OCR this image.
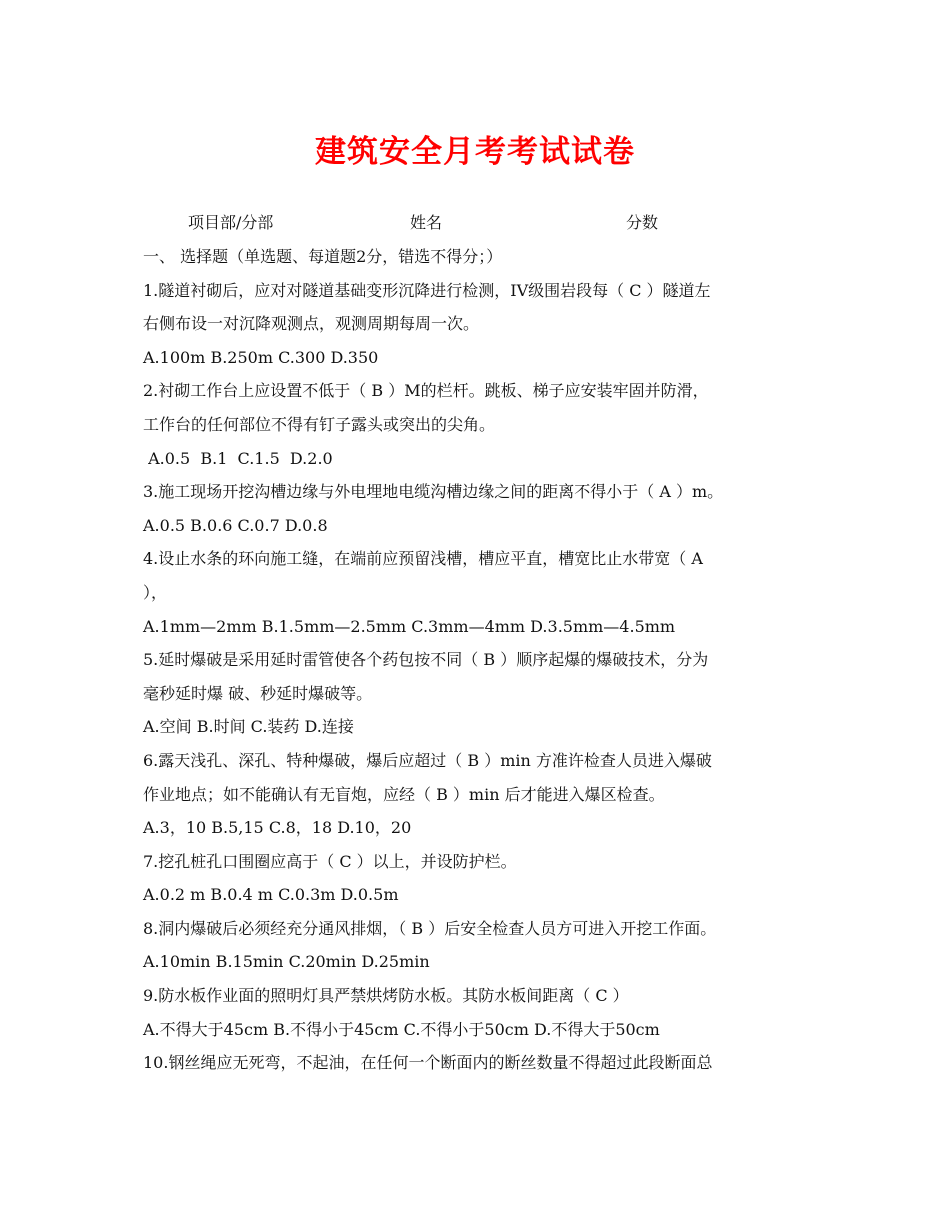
建筑安全月考考试试卷
项目部/分部	姓名	分数
一、 选择题（单选题、每道题2分，错选不得分；）
1.隧道衬砌后，应对对隧道基础变形沉降进行检测，IV级围岩段每（ C ）隧道左
右侧布设一对沉降观测点，观测周期每周一次。
A.100m B.250m C.300 D.350
2.衬砌工作台上应设置不低于（ B ）M的栏杆。跳板、梯子应安装牢固并防滑，
工作台的任何部位不得有钉子露头或突出的尖角。
A.0.5  B.1  C.1.5  D.2.0
3.施工现场开挖沟槽边缘与外电埋地电缆沟槽边缘之间的距离不得小于（ A ）m。
A.0.5 B.0.6 C.0.7 D.0.8
4.设止水条的环向施工缝，在端前应预留浅槽，槽应平直，槽宽比止水带宽（ A
），
A.1mm—2mm B.1.5mm—2.5mm C.3mm—4mm D.3.5mm—4.5mm
5.延时爆破是采用延时雷管使各个药包按不同（ B ）顺序起爆的爆破技术，分为
毫秒延时爆 破、秒延时爆破等。
A.空间 B.时间 C.装药 D.连接
6.露天浅孔、深孔、特种爆破，爆后应超过（ B ）min 方准许检查人员进入爆破
作业地点；如不能确认有无盲炮，应经（ B ）min 后才能进入爆区检查。
A.3，10 B.5,15 C.8，18 D.10，20
7.挖孔桩孔口围圈应高于（ C ）以上，并设防护栏。
A.0.2 m B.0.4 m C.0.3m D.0.5m
8.洞内爆破后必须经充分通风排烟，（ B ）后安全检查人员方可进入开挖工作面。
A.10min B.15min C.20min D.25min
9.防水板作业面的照明灯具严禁烘烤防水板。其防水板间距离（ C ）
A.不得大于45cm B.不得小于45cm C.不得小于50cm D.不得大于50cm
10.钢丝绳应无死弯，不起油，在任何一个断面内的断丝数量不得超过此段断面总
